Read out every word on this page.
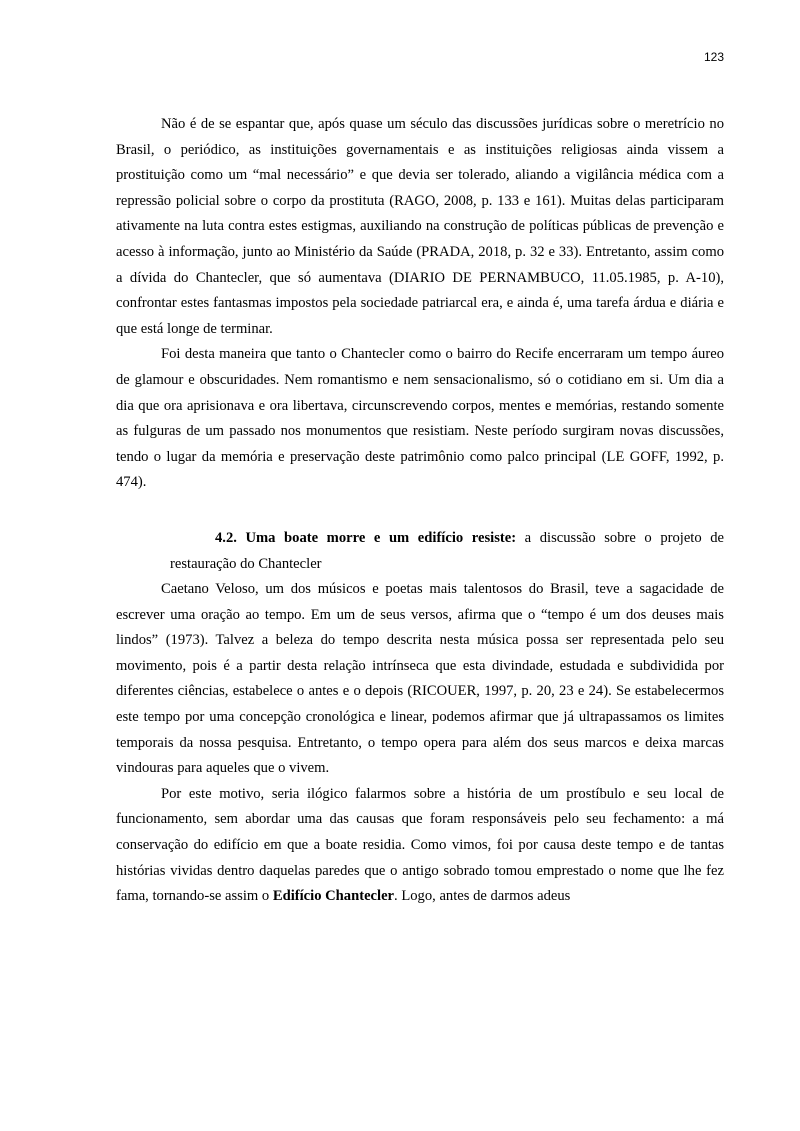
123

Não é de se espantar que, após quase um século das discussões jurídicas sobre o meretrício no Brasil, o periódico, as instituições governamentais e as instituições religiosas ainda vissem a prostituição como um “mal necessário” e que devia ser tolerado, aliando a vigilância médica com a repressão policial sobre o corpo da prostituta (RAGO, 2008, p. 133 e 161). Muitas delas participaram ativamente na luta contra estes estigmas, auxiliando na construção de políticas públicas de prevenção e acesso à informação, junto ao Ministério da Saúde (PRADA, 2018, p. 32 e 33). Entretanto, assim como a dívida do Chantecler, que só aumentava (DIARIO DE PERNAMBUCO, 11.05.1985, p. A-10), confrontar estes fantasmas impostos pela sociedade patriarcal era, e ainda é, uma tarefa árdua e diária e que está longe de terminar.

Foi desta maneira que tanto o Chantecler como o bairro do Recife encerraram um tempo áureo de glamour e obscuridades. Nem romantismo e nem sensacionalismo, só o cotidiano em si. Um dia a dia que ora aprisionava e ora libertava, circunscrevendo corpos, mentes e memórias, restando somente as fulguras de um passado nos monumentos que resistiam. Neste período surgiram novas discussões, tendo o lugar da memória e preservação deste patrimônio como palco principal (LE GOFF, 1992, p. 474).

4.2. Uma boate morre e um edifício resiste: a discussão sobre o projeto de restauração do Chantecler

Caetano Veloso, um dos músicos e poetas mais talentosos do Brasil, teve a sagacidade de escrever uma oração ao tempo. Em um de seus versos, afirma que o “tempo é um dos deuses mais lindos” (1973). Talvez a beleza do tempo descrita nesta música possa ser representada pelo seu movimento, pois é a partir desta relação intrínseca que esta divindade, estudada e subdividida por diferentes ciências, estabelece o antes e o depois (RICOUER, 1997, p. 20, 23 e 24). Se estabelecermos este tempo por uma concepção cronológica e linear, podemos afirmar que já ultrapassamos os limites temporais da nossa pesquisa. Entretanto, o tempo opera para além dos seus marcos e deixa marcas vindouras para aqueles que o vivem.

Por este motivo, seria ilógico falarmos sobre a história de um prostíbulo e seu local de funcionamento, sem abordar uma das causas que foram responsáveis pelo seu fechamento: a má conservação do edifício em que a boate residia. Como vimos, foi por causa deste tempo e de tantas histórias vividas dentro daquelas paredes que o antigo sobrado tomou emprestado o nome que lhe fez fama, tornando-se assim o Edifício Chantecler. Logo, antes de darmos adeus
